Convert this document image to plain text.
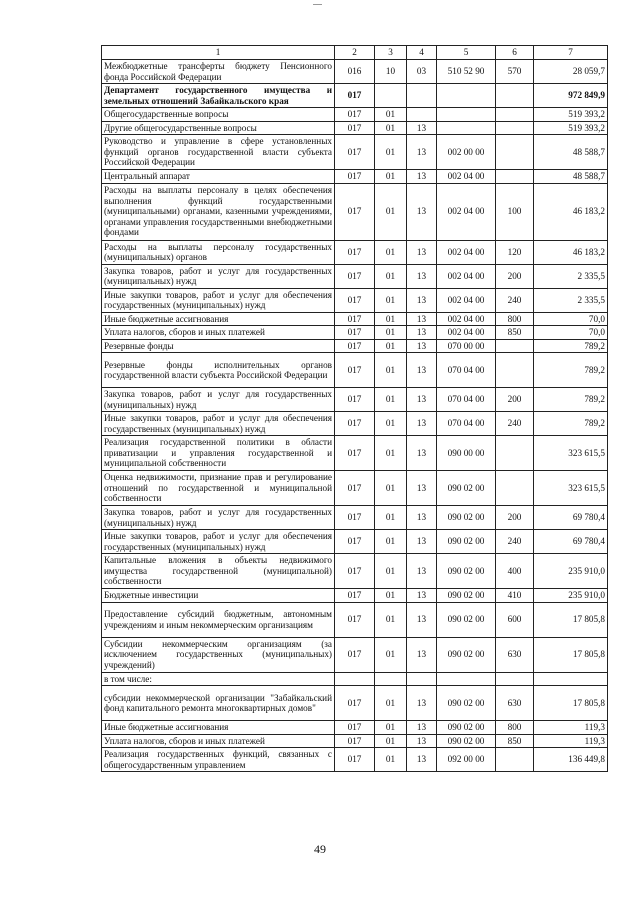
1	2	3	4	5	6	7
Межбюджетные трансферты бюджету Пенсионного фонда Российской Федерации	016	10	03	510 52 90	570	28 059,7
Департамент государственного имущества и земельных отношений Забайкальского края	017					972 849,9
Общегосударственные вопросы	017	01				519 393,2
Другие общегосударственные вопросы	017	01	13			519 393,2
Руководство и управление в сфере установленных функций органов государственной власти субъекта Российской Федерации	017	01	13	002 00 00		48 588,7
Центральный аппарат	017	01	13	002 04 00		48 588,7
Расходы на выплаты персоналу в целях обеспечения выполнения функций государственными (муниципальными) органами, казенными учреждениями, органами управления государственными внебюджетными фондами	017	01	13	002 04 00	100	46 183,2
Расходы на выплаты персоналу государственных (муниципальных) органов	017	01	13	002 04 00	120	46 183,2
Закупка товаров, работ и услуг для государственных (муниципальных) нужд	017	01	13	002 04 00	200	2 335,5
Иные закупки товаров, работ и услуг для обеспечения государственных (муниципальных) нужд	017	01	13	002 04 00	240	2 335,5
Иные бюджетные ассигнования	017	01	13	002 04 00	800	70,0
Уплата налогов, сборов и иных платежей	017	01	13	002 04 00	850	70,0
Резервные фонды	017	01	13	070 00 00		789,2
Резервные фонды исполнительных органов государственной власти субъекта Российской Федерации	017	01	13	070 04 00		789,2
Закупка товаров, работ и услуг для государственных (муниципальных) нужд	017	01	13	070 04 00	200	789,2
Иные закупки товаров, работ и услуг для обеспечения государственных (муниципальных) нужд	017	01	13	070 04 00	240	789,2
Реализация государственной политики в области приватизации и управления государственной и муниципальной собственности	017	01	13	090 00 00		323 615,5
Оценка недвижимости, признание прав и регулирование отношений по государственной и муниципальной собственности	017	01	13	090 02 00		323 615,5
Закупка товаров, работ и услуг для государственных (муниципальных) нужд	017	01	13	090 02 00	200	69 780,4
Иные закупки товаров, работ и услуг для обеспечения государственных (муниципальных) нужд	017	01	13	090 02 00	240	69 780,4
Капитальные вложения в объекты недвижимого имущества государственной (муниципальной) собственности	017	01	13	090 02 00	400	235 910,0
Бюджетные инвестиции	017	01	13	090 02 00	410	235 910,0
Предоставление субсидий бюджетным, автономным учреждениям и иным некоммерческим организациям	017	01	13	090 02 00	600	17 805,8
Субсидии некоммерческим организациям (за исключением государственных (муниципальных) учреждений)	017	01	13	090 02 00	630	17 805,8
в том числе:						
субсидии некоммерческой организации "Забайкальский фонд капитального ремонта многоквартирных домов"	017	01	13	090 02 00	630	17 805,8
Иные бюджетные ассигнования	017	01	13	090 02 00	800	119,3
Уплата налогов, сборов и иных платежей	017	01	13	090 02 00	850	119,3
Реализация государственных функций, связанных с общегосударственным управлением	017	01	13	092 00 00		136 449,8
49
